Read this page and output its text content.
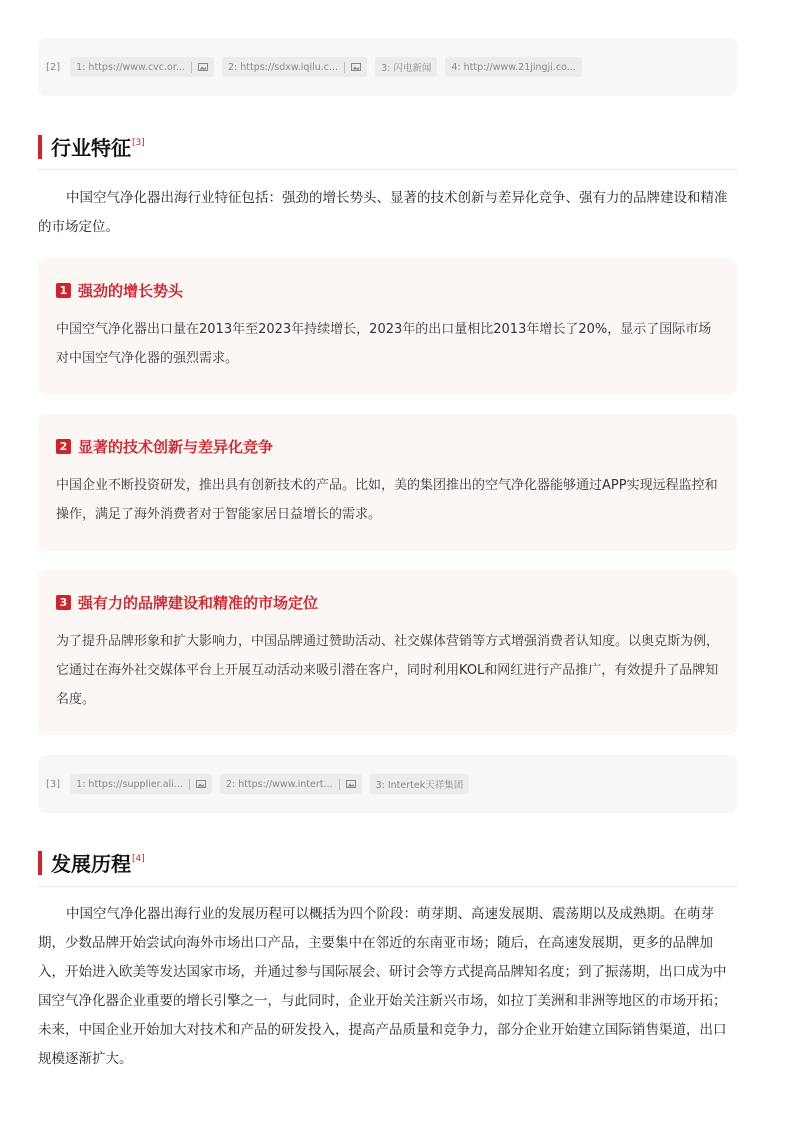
[2] 1: https://www.cvc.or...	2: https://sdxw.iqilu.c...	3: 闪电新闻 4: http://www.21jingji.co...
行业特征[3]

中国空气净化器出海行业特征包括：强劲的增长势头、显著的技术创新与差异化竞争、强有力的品牌建设和精准的市场定位。

1 强劲的增长势头

中国空气净化器出口量在2013年至2023年持续增长，2023年的出口量相比2013年增长了20%，显示了国际市场对中国空气净化器的强烈需求。

2 显著的技术创新与差异化竞争

中国企业不断投资研发，推出具有创新技术的产品。比如，美的集团推出的空气净化器能够通过APP实现远程监控和操作，满足了海外消费者对于智能家居日益增长的需求。

3 强有力的品牌建设和精准的市场定位

为了提升品牌形象和扩大影响力，中国品牌通过赞助活动、社交媒体营销等方式增强消费者认知度。以奥克斯为例，它通过在海外社交媒体平台上开展互动活动来吸引潜在客户，同时利用KOL和网红进行产品推广，有效提升了品牌知名度。

[3] 1: https://supplier.ali...	2: https://www.intert...	3: Intertek天祥集团
发展历程[4]

中国空气净化器出海行业的发展历程可以概括为四个阶段：萌芽期、高速发展期、震荡期以及成熟期。在萌芽期，少数品牌开始尝试向海外市场出口产品，主要集中在邻近的东南亚市场；随后，在高速发展期，更多的品牌加入，开始进入欧美等发达国家市场，并通过参与国际展会、研讨会等方式提高品牌知名度；到了振荡期，出口成为中国空气净化器企业重要的增长引擎之一，与此同时，企业开始关注新兴市场，如拉丁美洲和非洲等地区的市场开拓；未来，中国企业开始加大对技术和产品的研发投入，提高产品质量和竞争力，部分企业开始建立国际销售渠道，出口规模逐渐扩大。
